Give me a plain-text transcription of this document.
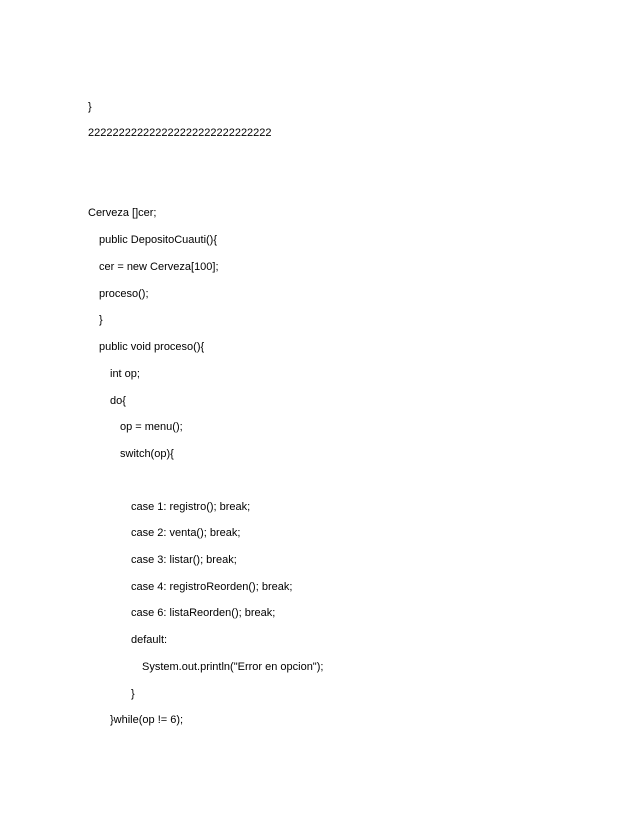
}

222222222222222222222222222222

Cerveza []cer;

public DepositoCuauti(){

cer = new Cerveza[100];

proceso();

}

public void proceso(){

int op;

do{

op = menu();

switch(op){

case 1: registro(); break;

case 2: venta(); break;

case 3: listar(); break;

case 4: registroReorden(); break;

case 6: listaReorden(); break;

default:

System.out.println("Error en opcion");

}

}while(op != 6);
